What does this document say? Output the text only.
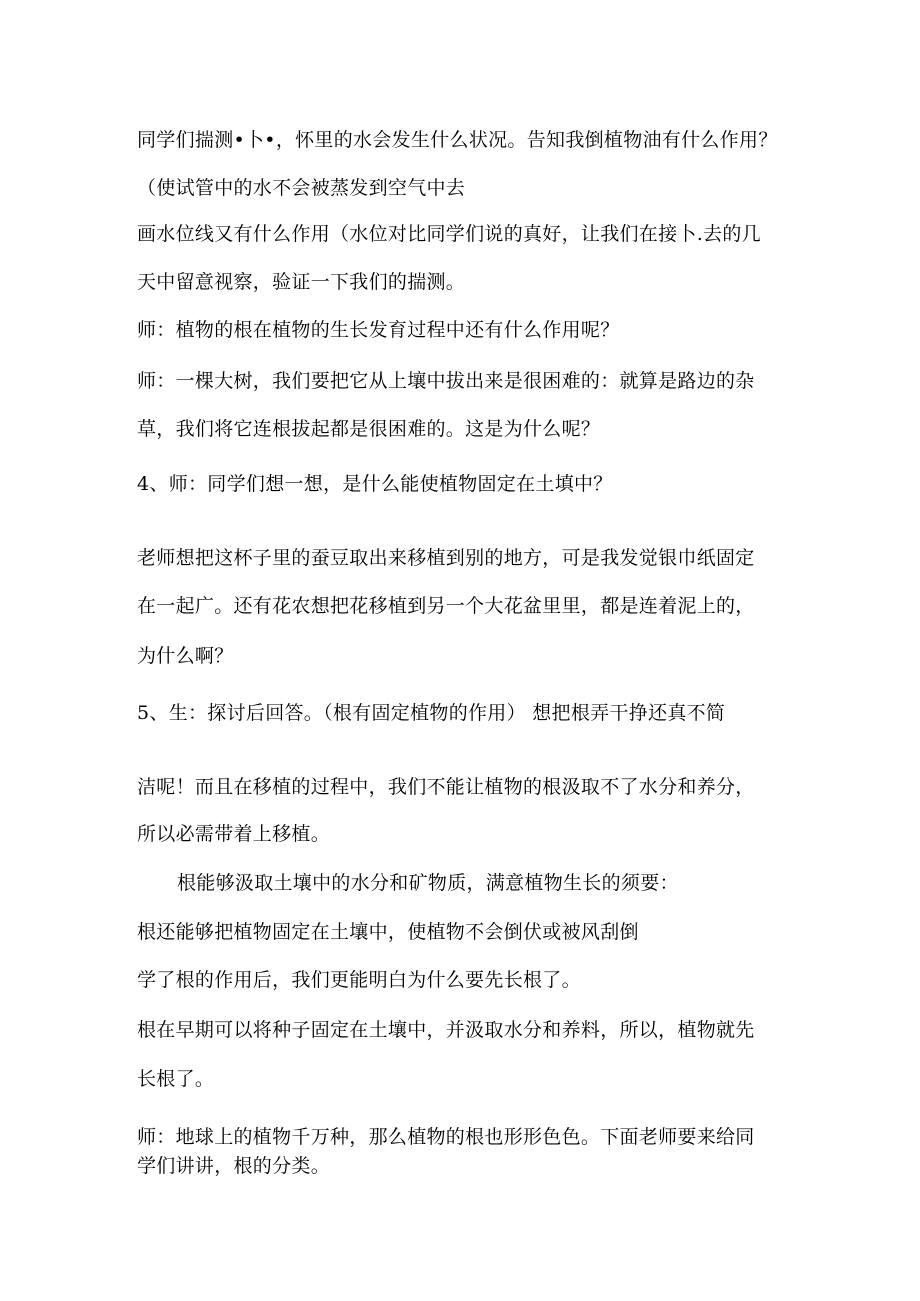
同学们揣测•卜•，怀里的水会发生什么状况。告知我倒植物油有什么作用？
（使试管中的水不会被蒸发到空气中去
画水位线又有什么作用（水位对比同学们说的真好，让我们在接卜.去的几
天中留意视察，验证一下我们的揣测。
师：植物的根在植物的生长发育过程中还有什么作用呢？
师：一棵大树，我们要把它从上壤中拔出来是很困难的：就算是路边的杂
草，我们将它连根拔起都是很困难的。这是为什么呢？
4、师：同学们想一想，是什么能使植物固定在土填中？
老师想把这杯子里的蚕豆取出来移植到别的地方，可是我发觉银巾纸固定
在一起广。还有花农想把花移植到另一个大花盆里里，都是连着泥上的，
为什么啊？
5、生：探讨后回答。（根有固定植物的作用） 想把根弄干挣还真不简
洁呢！而且在移植的过程中，我们不能让植物的根汲取不了水分和养分，
所以必需带着上移植。
根能够汲取土壤中的水分和矿物质，满意植物生长的须要：
根还能够把植物固定在土壤中，使植物不会倒伏或被风刮倒
学了根的作用后，我们更能明白为什么要先长根了。
根在早期可以将种子固定在土壤中，并汲取水分和养料，所以，植物就先
长根了。
师：地球上的植物千万种，那么植物的根也形形色色。下面老师要来给同
学们讲讲，根的分类。
